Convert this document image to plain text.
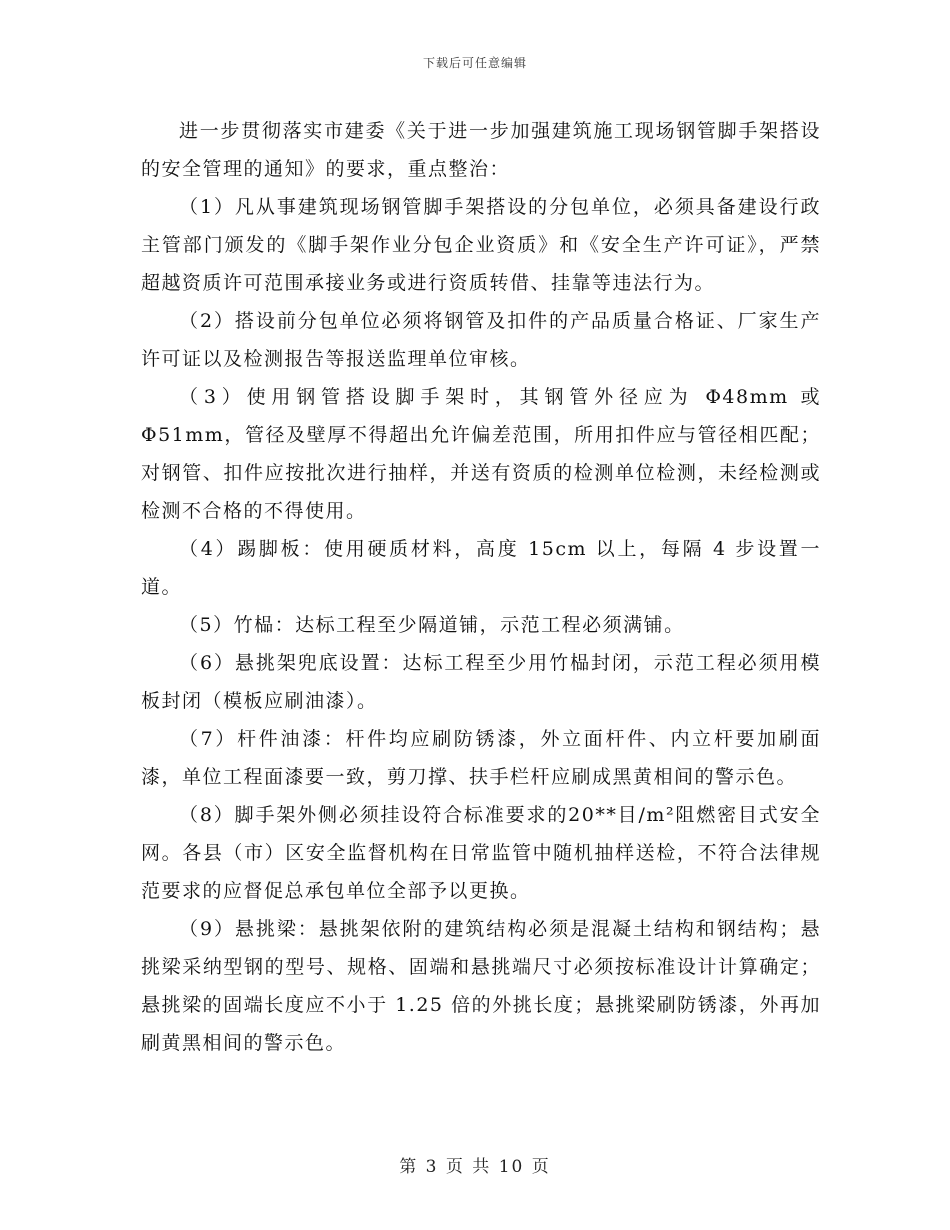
下载后可任意编辑

进一步贯彻落实市建委《关于进一步加强建筑施工现场钢管脚手架搭设的安全管理的通知》的要求，重点整治：

（1）凡从事建筑现场钢管脚手架搭设的分包单位，必须具备建设行政主管部门颁发的《脚手架作业分包企业资质》和《安全生产许可证》，严禁超越资质许可范围承接业务或进行资质转借、挂靠等违法行为。

（2）搭设前分包单位必须将钢管及扣件的产品质量合格证、厂家生产许可证以及检测报告等报送监理单位审核。

（3）使用钢管搭设脚手架时，其钢管外径应为 Φ48mm 或Φ51mm，管径及壁厚不得超出允许偏差范围，所用扣件应与管径相匹配；对钢管、扣件应按批次进行抽样，并送有资质的检测单位检测，未经检测或检测不合格的不得使用。

（4）踢脚板：使用硬质材料，高度 15cm 以上，每隔 4 步设置一道。

（5）竹榀：达标工程至少隔道铺，示范工程必须满铺。

（6）悬挑架兜底设置：达标工程至少用竹榀封闭，示范工程必须用模板封闭（模板应刷油漆）。

（7）杆件油漆：杆件均应刷防锈漆，外立面杆件、内立杆要加刷面漆，单位工程面漆要一致，剪刀撑、扶手栏杆应刷成黑黄相间的警示色。

（8）脚手架外侧必须挂设符合标准要求的20**目/m²阻燃密目式安全网。各县（市）区安全监督机构在日常监管中随机抽样送检，不符合法律规范要求的应督促总承包单位全部予以更换。

（9）悬挑梁：悬挑架依附的建筑结构必须是混凝土结构和钢结构；悬挑梁采纳型钢的型号、规格、固端和悬挑端尺寸必须按标准设计计算确定；悬挑梁的固端长度应不小于 1.25 倍的外挑长度；悬挑梁刷防锈漆，外再加刷黄黑相间的警示色。

第 3 页 共 10 页
